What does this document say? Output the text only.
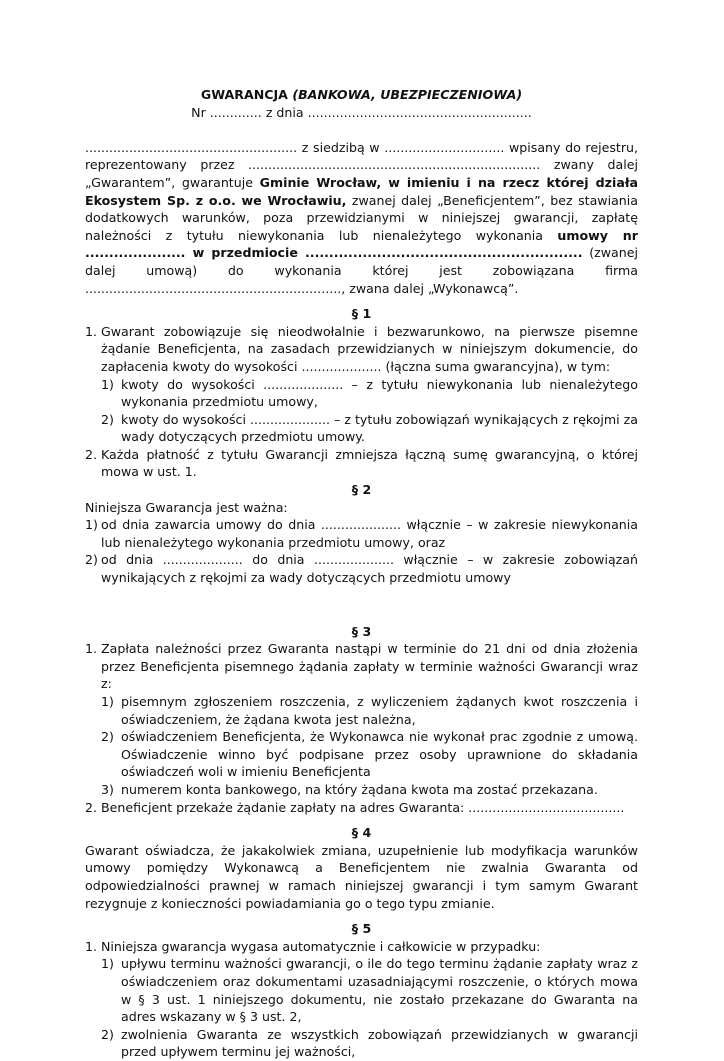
GWARANCJA (BANKOWA, UBEZPIECZENIOWA)
Nr ............. z dnia ........................................................
..................................................... z siedzibą w .............................. wpisany do rejestru, reprezentowany przez ......................................................................... zwany dalej „Gwarantem”, gwarantuje Gminie Wrocław, w imieniu i na rzecz której działa Ekosystem Sp. z o.o. we Wrocławiu, zwanej dalej „Beneficjentem”, bez stawiania dodatkowych warunków, poza przewidzianymi w niniejszej gwarancji, zapłatę należności z tytułu niewykonania lub nienależytego wykonania umowy nr ..................... w przedmiocie .......................................................... (zwanej dalej umową) do wykonania której jest zobowiązana firma ................................................................, zwana dalej „Wykonawcą”.
§ 1
1. Gwarant zobowiązuje się nieodwołalnie i bezwarunkowo, na pierwsze pisemne żądanie Beneficjenta, na zasadach przewidzianych w niniejszym dokumencie, do zapłacenia kwoty do wysokości .................... (łączna suma gwarancyjna), w tym:
1) kwoty do wysokości .................... – z tytułu niewykonania lub nienależytego wykonania przedmiotu umowy,
2) kwoty do wysokości .................... – z tytułu zobowiązań wynikających z rękojmi za wady dotyczących przedmiotu umowy.
2. Każda płatność z tytułu Gwarancji zmniejsza łączną sumę gwarancyjną, o której mowa w ust. 1.
§ 2
Niniejsza Gwarancja jest ważna:
1) od dnia zawarcia umowy do dnia .................... włącznie – w zakresie niewykonania lub nienależytego wykonania przedmiotu umowy, oraz
2) od dnia .................... do dnia .................... włącznie – w zakresie zobowiązań wynikających z rękojmi za wady dotyczących przedmiotu umowy
§ 3
1. Zapłata należności przez Gwaranta nastąpi w terminie do 21 dni od dnia złożenia przez Beneficjenta pisemnego żądania zapłaty w terminie ważności Gwarancji wraz z:
1) pisemnym zgłoszeniem roszczenia, z wyliczeniem żądanych kwot roszczenia i oświadczeniem, że żądana kwota jest należna,
2) oświadczeniem Beneficjenta, że Wykonawca nie wykonał prac zgodnie z umową. Oświadczenie winno być podpisane przez osoby uprawnione do składania oświadczeń woli w imieniu Beneficjenta
3) numerem konta bankowego, na który żądana kwota ma zostać przekazana.
2. Beneficjent przekaże żądanie zapłaty na adres Gwaranta: .......................................
§ 4
Gwarant oświadcza, że jakakolwiek zmiana, uzupełnienie lub modyfikacja warunków umowy pomiędzy Wykonawcą a Beneficjentem nie zwalnia Gwaranta od odpowiedzialności prawnej w ramach niniejszej gwarancji i tym samym Gwarant rezygnuje z konieczności powiadamiania go o tego typu zmianie.
§ 5
1. Niniejsza gwarancja wygasa automatycznie i całkowicie w przypadku:
1) upływu terminu ważności gwarancji, o ile do tego terminu żądanie zapłaty wraz z oświadczeniem oraz dokumentami uzasadniającymi roszczenie, o których mowa w § 3 ust. 1 niniejszego dokumentu, nie zostało przekazane do Gwaranta na adres wskazany w § 3 ust. 2,
2) zwolnienia Gwaranta ze wszystkich zobowiązań przewidzianych w gwarancji przed upływem terminu jej ważności,
